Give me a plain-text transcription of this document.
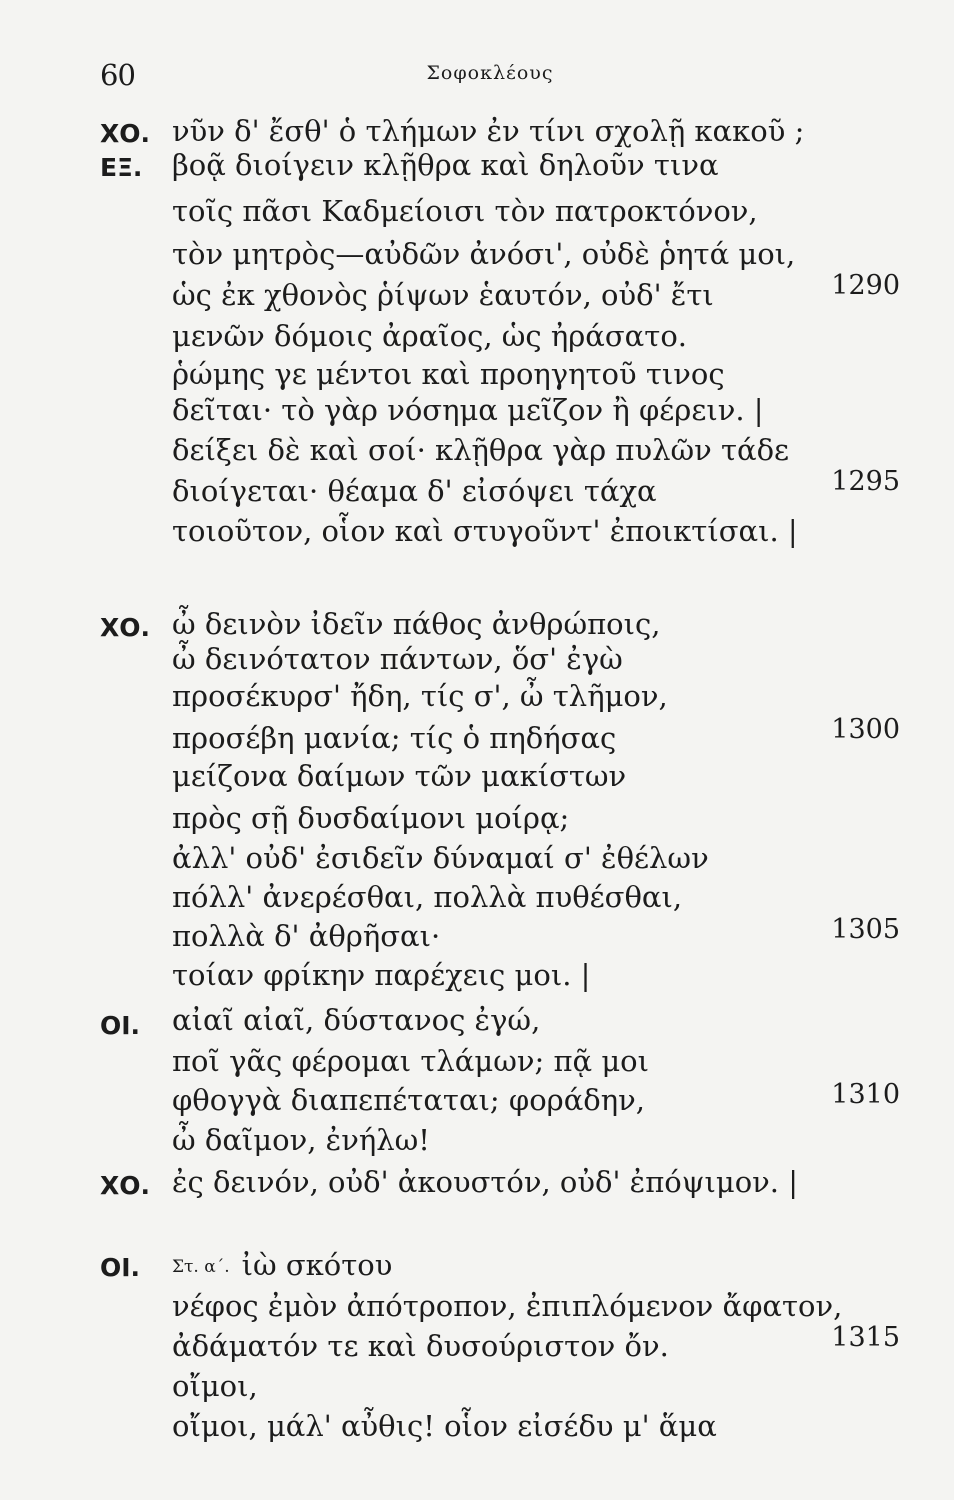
60	Σοφοκλέους
ΧΟ.
ΕΞ.
ΧΟ.
ΟΙ.
ΧΟ.
ΟΙ.
νῦν δ' ἔσθ' ὁ τλήμων ἐν τίνι σχολῇ κακοῦ ;
βοᾷ διοίγειν κλῇθρα καὶ δηλοῦν τινα
τοῖς πᾶσι Καδμείοισι τὸν πατροκτόνον,
τὸν μητρὸς—αὐδῶν ἀνόσι', οὐδὲ ῥητά μοι,
ὡς ἐκ χθονὸς ῥίψων ἑαυτόν, οὐδ' ἔτι
μενῶν δόμοις ἀραῖος, ὡς ἠράσατο.
ῥώμης γε μέντοι καὶ προηγητοῦ τινος
δεῖται· τὸ γὰρ νόσημα μεῖζον ἢ φέρειν. |
δείξει δὲ καὶ σοί· κλῇθρα γὰρ πυλῶν τάδε
διοίγεται· θέαμα δ' εἰσόψει τάχα
τοιοῦτον, οἷον καὶ στυγοῦντ' ἐποικτίσαι. |
ὦ δεινὸν ἰδεῖν πάθος ἀνθρώποις,
ὦ δεινότατον πάντων, ὅσ' ἐγὼ
προσέκυρσ' ἤδη, τίς σ', ὦ τλῆμον,
προσέβη μανία; τίς ὁ πηδήσας
μείζονα δαίμων τῶν μακίστων
πρὸς σῇ δυσδαίμονι μοίρᾳ;
ἀλλ' οὐδ' ἐσιδεῖν δύναμαί σ' ἐθέλων
πόλλ' ἀνερέσθαι, πολλὰ πυθέσθαι,
πολλὰ δ' ἀθρῆσαι·
τοίαν φρίκην παρέχεις μοι. |
αἰαῖ αἰαῖ, δύστανος ἐγώ,
ποῖ γᾶς φέρομαι τλάμων; πᾷ μοι
φθογγὰ διαπεπέταται; φοράδην,
ὦ δαῖμον, ἐνήλω!
ἐς δεινόν, οὐδ' ἀκουστόν, οὐδ' ἐπόψιμον. |
Στ. α΄. ἰὼ σκότου
νέφος ἐμὸν ἀπότροπον, ἐπιπλόμενον ἄφατον,
ἀδάματόν τε καὶ δυσούριστον ὄν.
οἴμοι,
οἴμοι, μάλ' αὖθις! οἷον εἰσέδυ μ' ἅμα
1290
1295
1300
1305
1310
1315
